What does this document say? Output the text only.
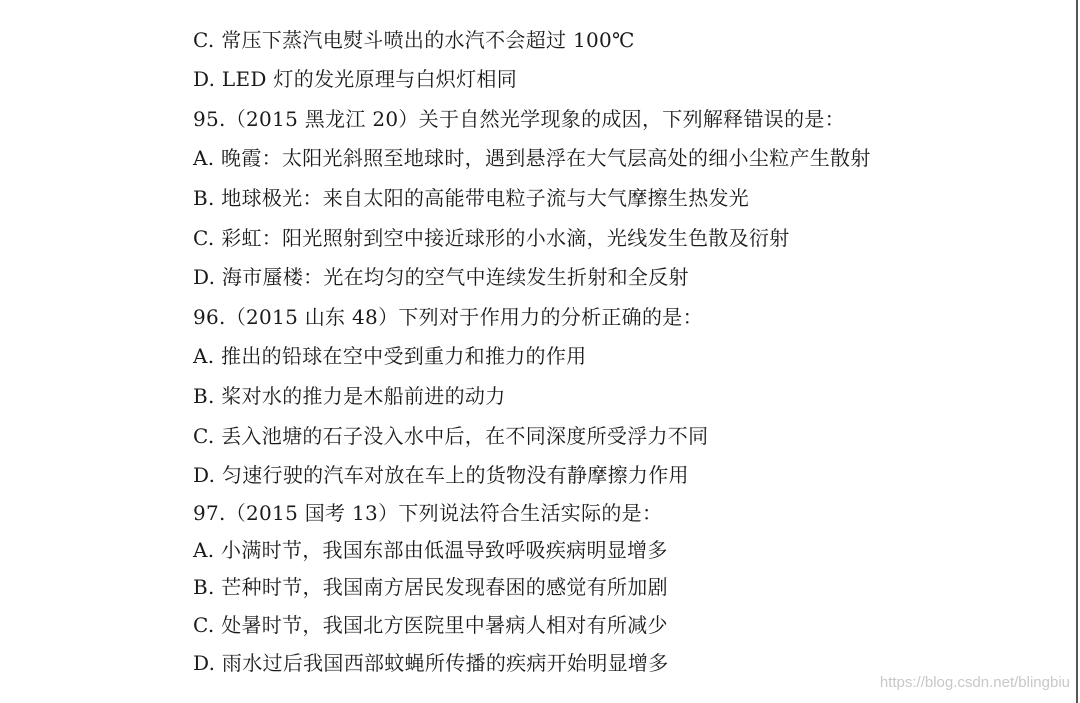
C. 常压下蒸汽电熨斗喷出的水汽不会超过 100℃
D. LED 灯的发光原理与白炽灯相同
95.（2015 黑龙江 20）关于自然光学现象的成因，下列解释错误的是：
A. 晚霞：太阳光斜照至地球时，遇到悬浮在大气层高处的细小尘粒产生散射
B. 地球极光：来自太阳的高能带电粒子流与大气摩擦生热发光
C. 彩虹：阳光照射到空中接近球形的小水滴，光线发生色散及衍射
D. 海市蜃楼：光在均匀的空气中连续发生折射和全反射
96.（2015 山东 48）下列对于作用力的分析正确的是：
A. 推出的铅球在空中受到重力和推力的作用
B. 桨对水的推力是木船前进的动力
C. 丢入池塘的石子没入水中后，在不同深度所受浮力不同
D. 匀速行驶的汽车对放在车上的货物没有静摩擦力作用
97.（2015 国考 13）下列说法符合生活实际的是：
A. 小满时节，我国东部由低温导致呼吸疾病明显增多
B. 芒种时节，我国南方居民发现春困的感觉有所加剧
C. 处暑时节，我国北方医院里中暑病人相对有所减少
D. 雨水过后我国西部蚊蝇所传播的疾病开始明显增多
https://blog.csdn.net/blingbiu
